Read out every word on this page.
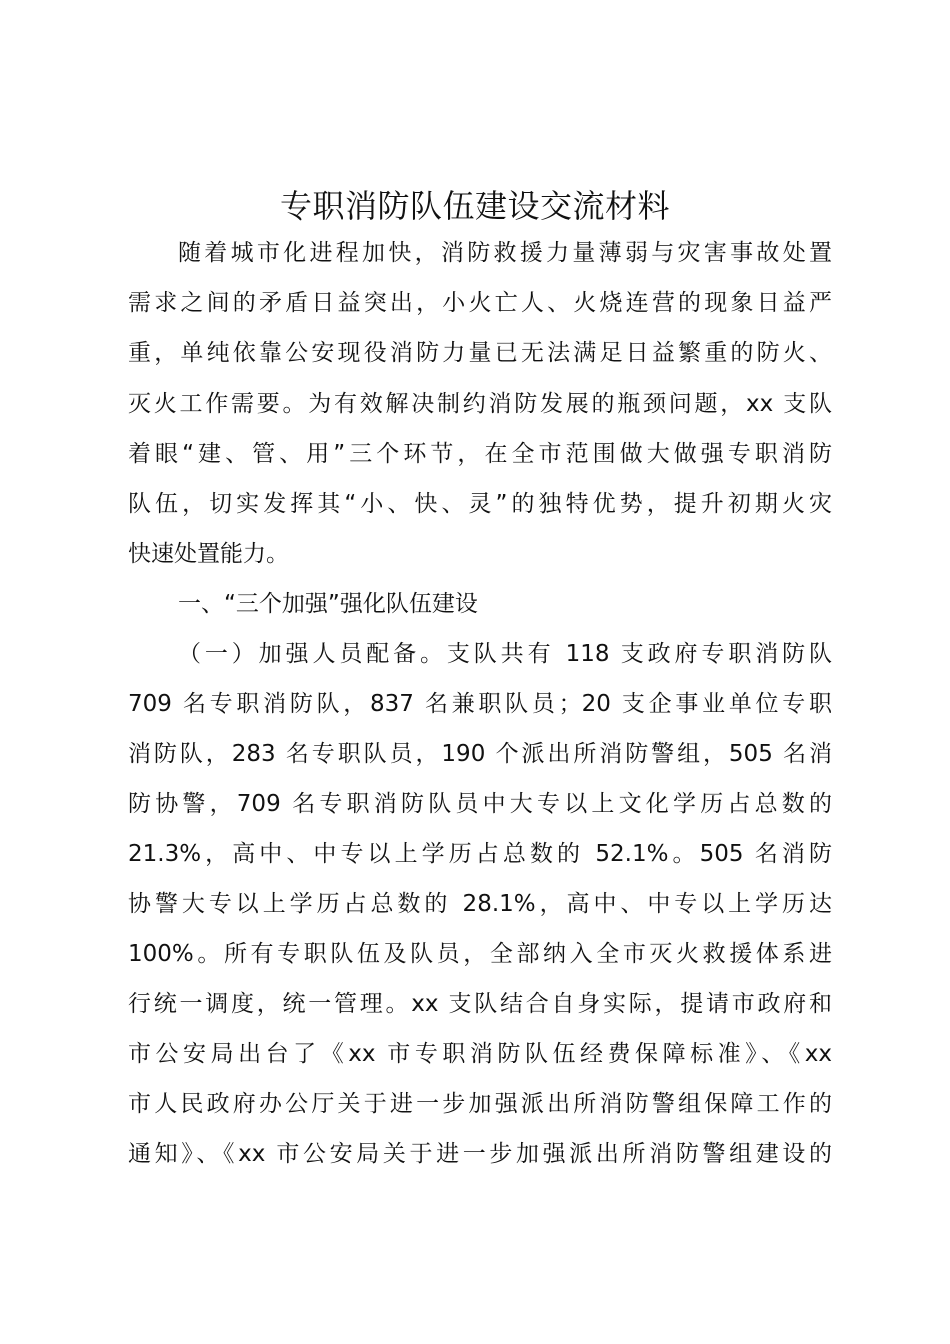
专职消防队伍建设交流材料
随着城市化进程加快，消防救援力量薄弱与灾害事故处置
需求之间的矛盾日益突出，小火亡人、火烧连营的现象日益严
重，单纯依靠公安现役消防力量已无法满足日益繁重的防火、
灭火工作需要。为有效解决制约消防发展的瓶颈问题，xx 支队
着眼“建、管、用”三个环节，在全市范围做大做强专职消防
队伍，切实发挥其“小、快、灵”的独特优势，提升初期火灾
快速处置能力。
一、“三个加强”强化队伍建设
（一）加强人员配备。支队共有 118 支政府专职消防队
709 名专职消防队，837 名兼职队员；20 支企事业单位专职
消防队，283 名专职队员，190 个派出所消防警组，505 名消
防协警，709 名专职消防队员中大专以上文化学历占总数的
21.3%，高中、中专以上学历占总数的 52.1%。505 名消防
协警大专以上学历占总数的 28.1%，高中、中专以上学历达
100%。所有专职队伍及队员，全部纳入全市灭火救援体系进
行统一调度，统一管理。xx 支队结合自身实际，提请市政府和
市公安局出台了《xx 市专职消防队伍经费保障标准》、《xx
市人民政府办公厅关于进一步加强派出所消防警组保障工作的
通知》、《xx 市公安局关于进一步加强派出所消防警组建设的
